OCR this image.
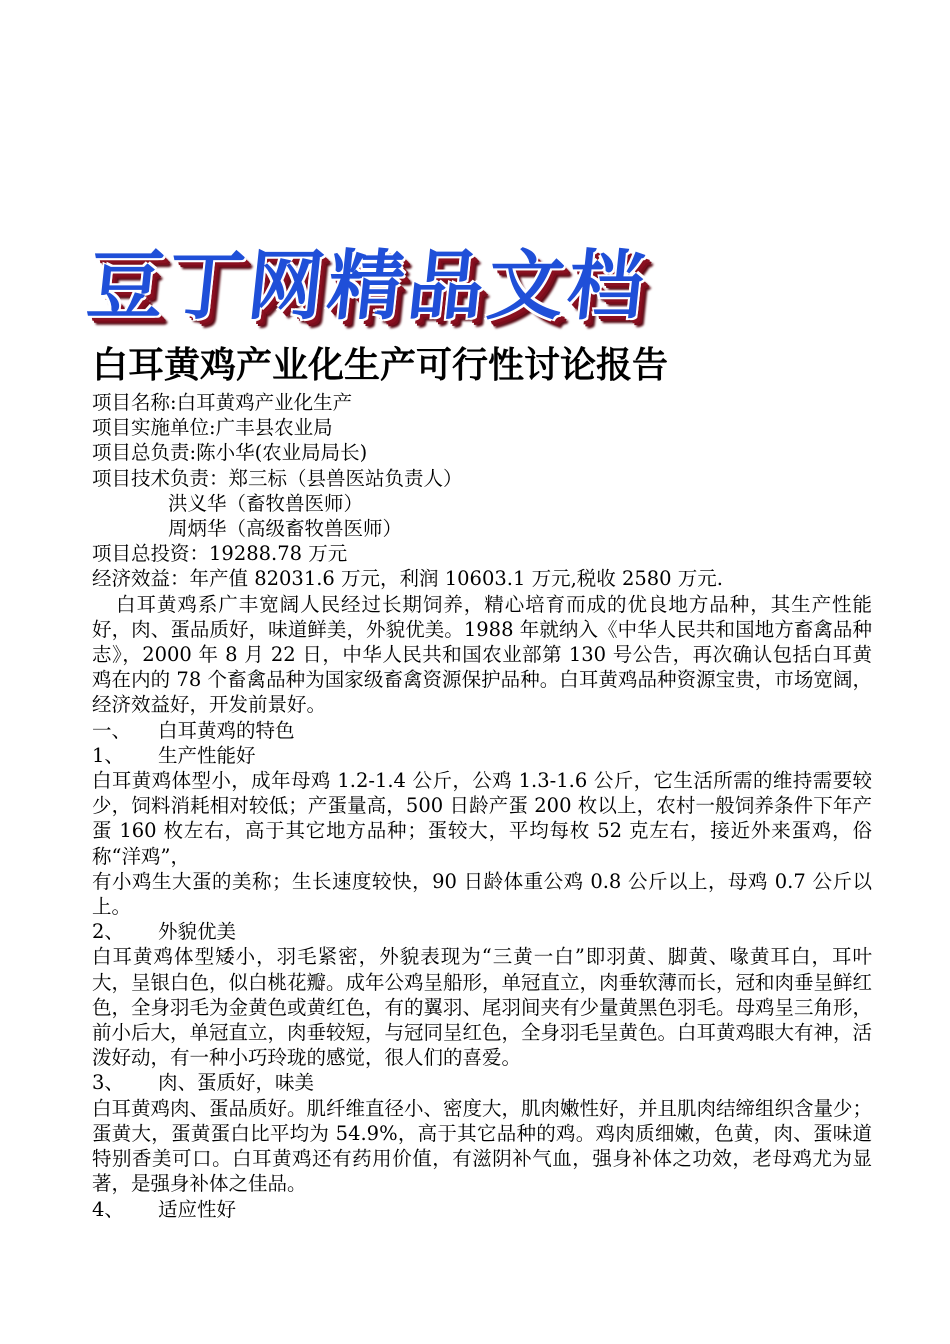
豆丁网精品文档
白耳黄鸡产业化生产可行性讨论报告
项目名称:白耳黄鸡产业化生产
项目实施单位:广丰县农业局
项目总负责:陈小华(农业局局长)
项目技术负责：郑三标（县兽医站负责人）
洪义华（畜牧兽医师）
周炳华（高级畜牧兽医师）
项目总投资：19288.78 万元
经济效益：年产值 82031.6 万元，利润 10603.1 万元,税收 2580 万元.
白耳黄鸡系广丰宽阔人民经过长期饲养，精心培育而成的优良地方品种，其生产性能好，肉、蛋品质好，味道鲜美，外貌优美。1988 年就纳入《中华人民共和国地方畜禽品种志》，2000 年 8 月 22 日，中华人民共和国农业部第 130 号公告，再次确认包括白耳黄鸡在内的 78 个畜禽品种为国家级畜禽资源保护品种。白耳黄鸡品种资源宝贵，市场宽阔，经济效益好，开发前景好。
一、 白耳黄鸡的特色
1、 生产性能好
白耳黄鸡体型小，成年母鸡 1.2-1.4 公斤，公鸡 1.3-1.6 公斤，它生活所需的维持需要较少，饲料消耗相对较低；产蛋量高，500 日龄产蛋 200 枚以上，农村一般饲养条件下年产蛋 160 枚左右，高于其它地方品种；蛋较大，平均每枚 52 克左右，接近外来蛋鸡，俗称“洋鸡”，
有小鸡生大蛋的美称；生长速度较快，90 日龄体重公鸡 0.8 公斤以上，母鸡 0.7 公斤以上。
2、 外貌优美
白耳黄鸡体型矮小，羽毛紧密，外貌表现为“三黄一白”即羽黄、脚黄、喙黄耳白，耳叶大，呈银白色，似白桃花瓣。成年公鸡呈船形，单冠直立，肉垂软薄而长，冠和肉垂呈鲜红色，全身羽毛为金黄色或黄红色，有的翼羽、尾羽间夹有少量黄黑色羽毛。母鸡呈三角形，前小后大，单冠直立，肉垂较短，与冠同呈红色，全身羽毛呈黄色。白耳黄鸡眼大有神，活泼好动，有一种小巧玲珑的感觉，很人们的喜爱。
3、 肉、蛋质好，味美
白耳黄鸡肉、蛋品质好。肌纤维直径小、密度大，肌肉嫩性好，并且肌肉结缔组织含量少；蛋黄大，蛋黄蛋白比平均为 54.9%，高于其它品种的鸡。鸡肉质细嫩，色黄，肉、蛋味道特别香美可口。白耳黄鸡还有药用价值，有滋阴补气血，强身补体之功效，老母鸡尤为显著，是强身补体之佳品。
4、 适应性好
